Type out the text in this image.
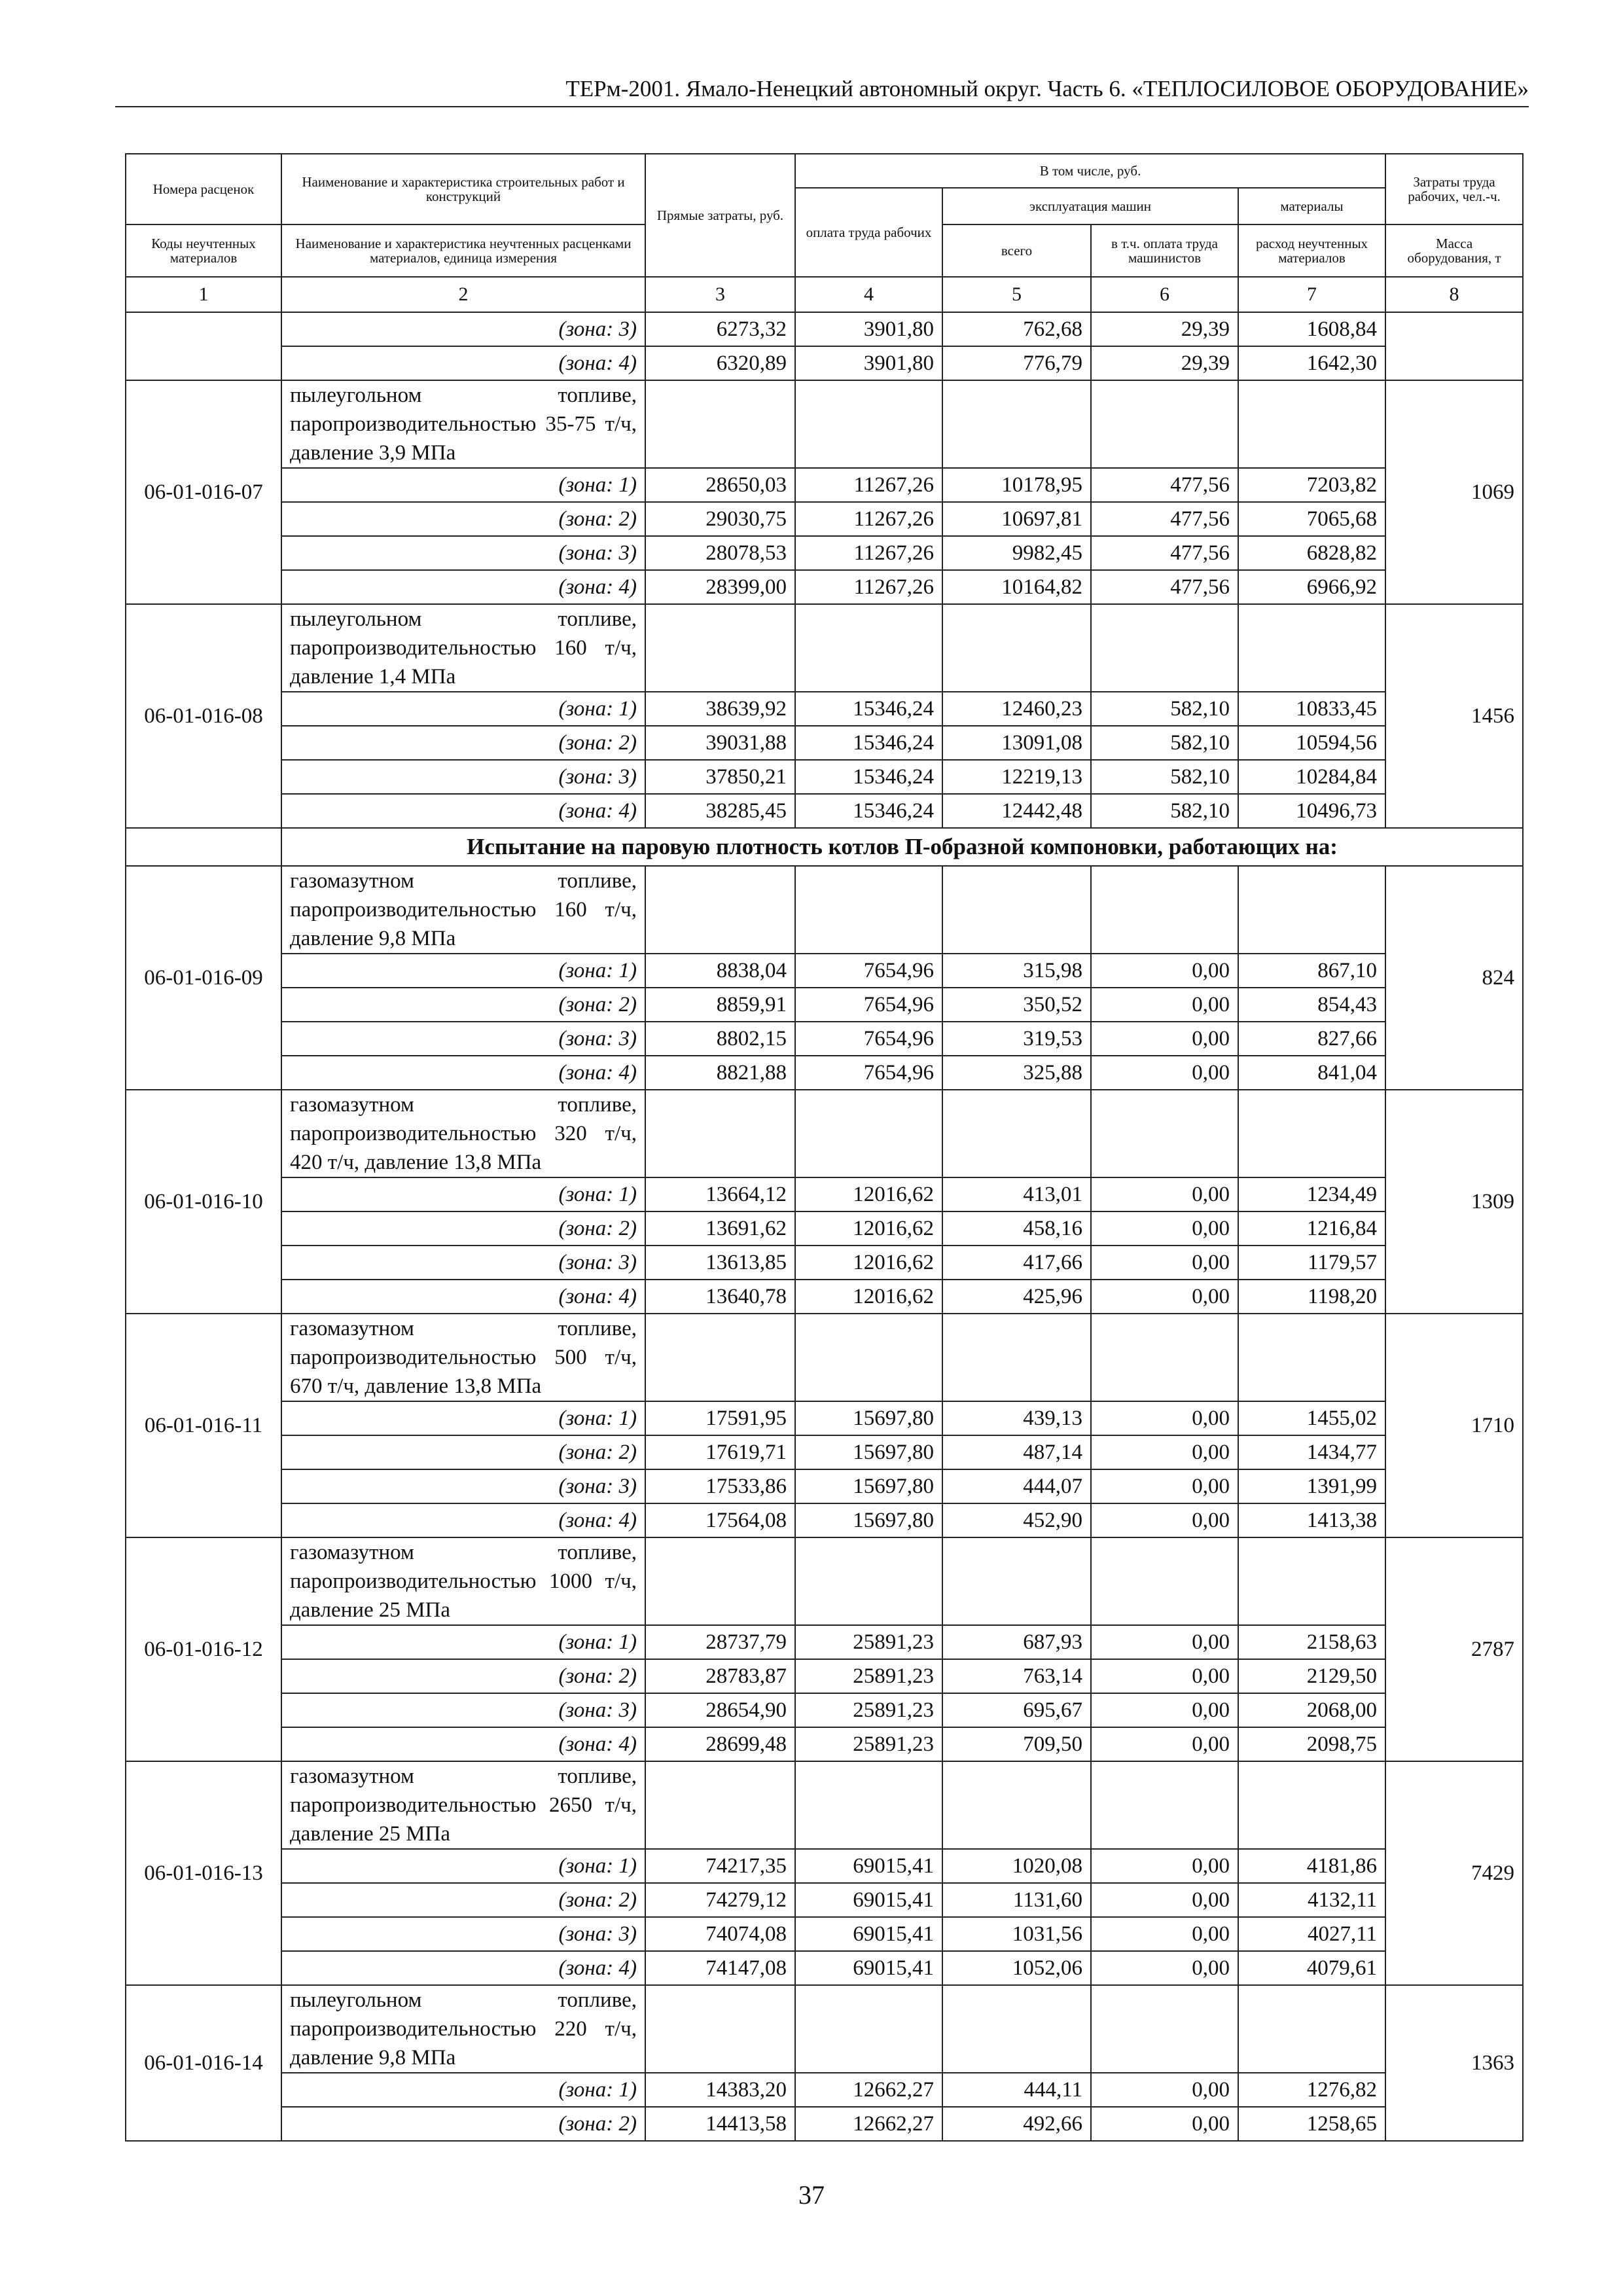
ТЕРм-2001. Ямало-Ненецкий автономный округ. Часть 6. «ТЕПЛОСИЛОВОЕ ОБОРУДОВАНИЕ»
Номера расценок	Наименование и характеристика строительных работ и конструкций	Прямые затраты, руб.	В том числе, руб.				Затраты труда рабочих, чел.-ч.
			оплата труда рабочих	эксплуатация машин		материалы	
Коды неучтенных материалов	Наименование и характеристика неучтенных расценками материалов, единица измерения			всего	в т.ч. оплата труда машинистов	расход неучтенных материалов	Масса оборудования, т
1	2	3	4	5	6	7	8
	(зона: 3)	6273,32	3901,80	762,68	29,39	1608,84	
	(зона: 4)	6320,89	3901,80	776,79	29,39	1642,30	
06-01-016-07	пылеугольном топливе, паропроизводительностью 35-75 т/ч, давление 3,9 МПа						1069
	(зона: 1)	28650,03	11267,26	10178,95	477,56	7203,82	
	(зона: 2)	29030,75	11267,26	10697,81	477,56	7065,68	
	(зона: 3)	28078,53	11267,26	9982,45	477,56	6828,82	
	(зона: 4)	28399,00	11267,26	10164,82	477,56	6966,92	
06-01-016-08	пылеугольном топливе, паропроизводительностью 160 т/ч, давление 1,4 МПа						1456
	(зона: 1)	38639,92	15346,24	12460,23	582,10	10833,45	
	(зона: 2)	39031,88	15346,24	13091,08	582,10	10594,56	
	(зона: 3)	37850,21	15346,24	12219,13	582,10	10284,84	
	(зона: 4)	38285,45	15346,24	12442,48	582,10	10496,73	
	Испытание на паровую плотность котлов П-образной компоновки, работающих на:						
06-01-016-09	газомазутном топливе, паропроизводительностью 160 т/ч, давление 9,8 МПа						824
	(зона: 1)	8838,04	7654,96	315,98	0,00	867,10	
	(зона: 2)	8859,91	7654,96	350,52	0,00	854,43	
	(зона: 3)	8802,15	7654,96	319,53	0,00	827,66	
	(зона: 4)	8821,88	7654,96	325,88	0,00	841,04	
06-01-016-10	газомазутном топливе, паропроизводительностью 320 т/ч, 420 т/ч, давление 13,8 МПа						1309
	(зона: 1)	13664,12	12016,62	413,01	0,00	1234,49	
	(зона: 2)	13691,62	12016,62	458,16	0,00	1216,84	
	(зона: 3)	13613,85	12016,62	417,66	0,00	1179,57	
	(зона: 4)	13640,78	12016,62	425,96	0,00	1198,20	
06-01-016-11	газомазутном топливе, паропроизводительностью 500 т/ч, 670 т/ч, давление 13,8 МПа						1710
	(зона: 1)	17591,95	15697,80	439,13	0,00	1455,02	
	(зона: 2)	17619,71	15697,80	487,14	0,00	1434,77	
	(зона: 3)	17533,86	15697,80	444,07	0,00	1391,99	
	(зона: 4)	17564,08	15697,80	452,90	0,00	1413,38	
06-01-016-12	газомазутном топливе, паропроизводительностью 1000 т/ч, давление 25 МПа						2787
	(зона: 1)	28737,79	25891,23	687,93	0,00	2158,63	
	(зона: 2)	28783,87	25891,23	763,14	0,00	2129,50	
	(зона: 3)	28654,90	25891,23	695,67	0,00	2068,00	
	(зона: 4)	28699,48	25891,23	709,50	0,00	2098,75	
06-01-016-13	газомазутном топливе, паропроизводительностью 2650 т/ч, давление 25 МПа						7429
	(зона: 1)	74217,35	69015,41	1020,08	0,00	4181,86	
	(зона: 2)	74279,12	69015,41	1131,60	0,00	4132,11	
	(зона: 3)	74074,08	69015,41	1031,56	0,00	4027,11	
	(зона: 4)	74147,08	69015,41	1052,06	0,00	4079,61	
06-01-016-14	пылеугольном топливе, паропроизводительностью 220 т/ч, давление 9,8 МПа						1363
	(зона: 1)	14383,20	12662,27	444,11	0,00	1276,82	
	(зона: 2)	14413,58	12662,27	492,66	0,00	1258,65	
37
